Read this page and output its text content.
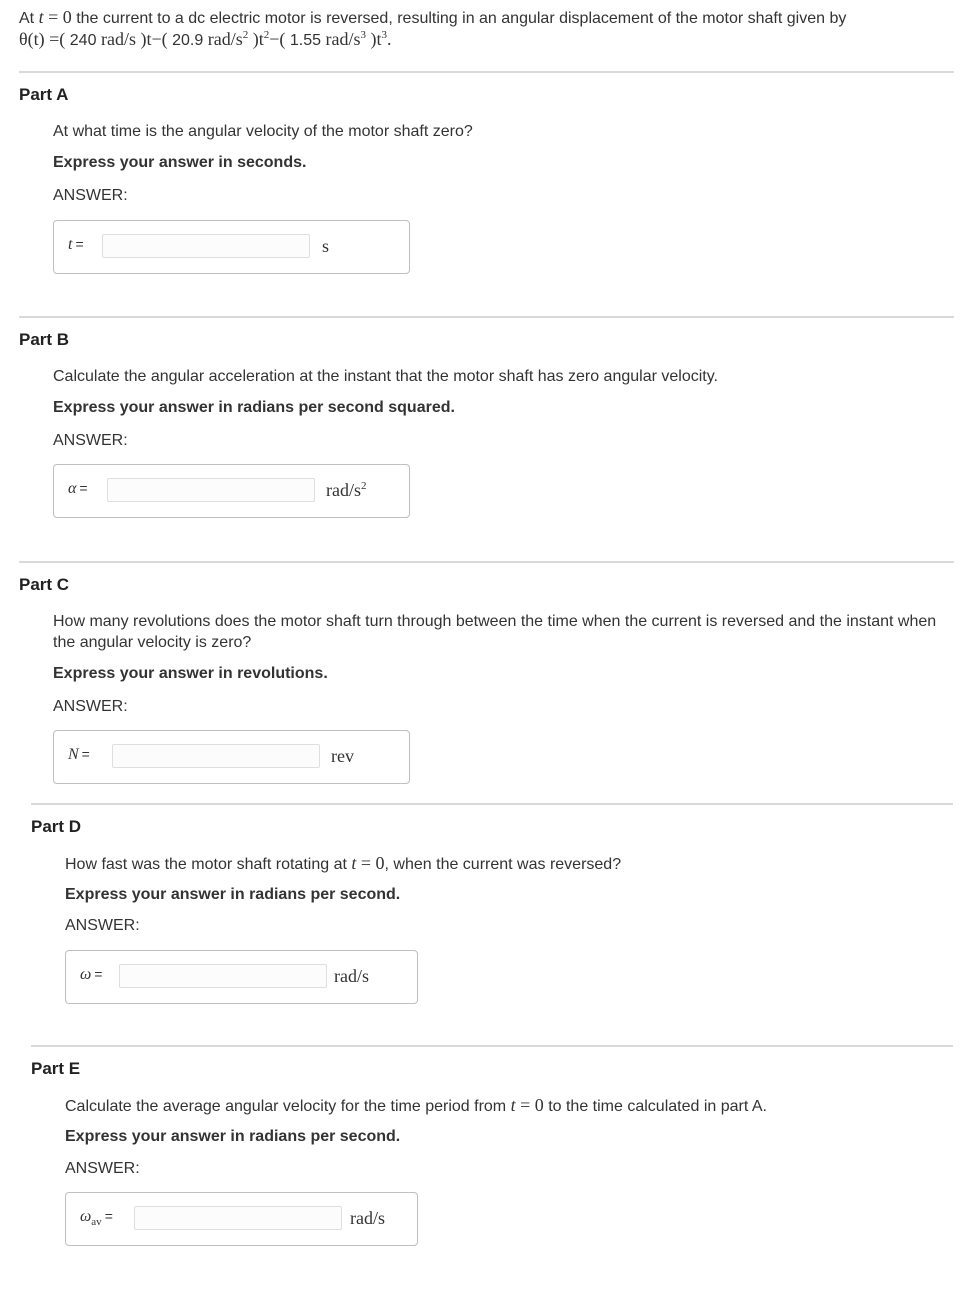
At t = 0 the current to a dc electric motor is reversed, resulting in an angular displacement of the motor shaft given by
θ(t) =( 240 rad/s )t−( 20.9 rad/$s^2$ )$t^2-$( 1.55 rad/$s^3$ )$t^3$.
Part A
At what time is the angular velocity of the motor shaft zero?
Express your answer in seconds.
ANSWER:
t =	s
Part B
Calculate the angular acceleration at the instant that the motor shaft has zero angular velocity.
Express your answer in radians per second squared.
ANSWER:
α =	rad/$s^2$
Part C
How many revolutions does the motor shaft turn through between the time when the current is reversed and the instant when the angular velocity is zero?
Express your answer in revolutions.
ANSWER:
N =	rev
Part D
How fast was the motor shaft rotating at t = 0, when the current was reversed?
Express your answer in radians per second.
ANSWER:
ω =	rad/s
Part E
Calculate the average angular velocity for the time period from t = 0 to the time calculated in part A.
Express your answer in radians per second.
ANSWER:
$\omega_{av}$ =	rad/s
